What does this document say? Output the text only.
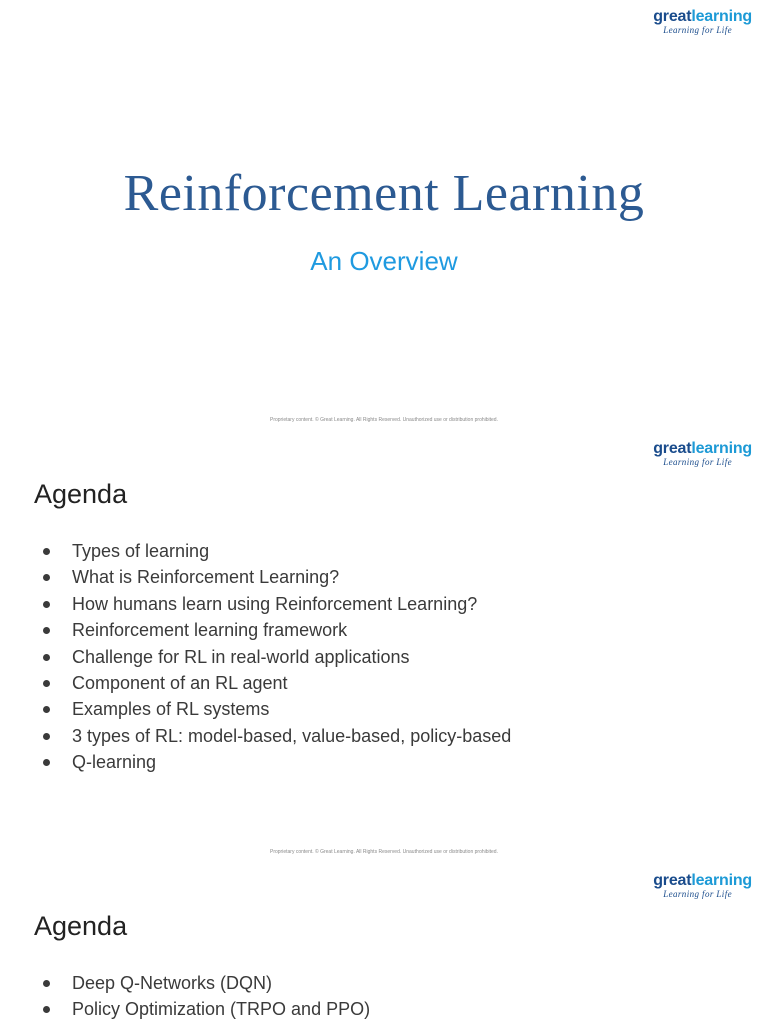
greatlearning
Learning for Life
Reinforcement Learning
An Overview
Proprietary content. © Great Learning. All Rights Reserved. Unauthorized use or distribution prohibited.
greatlearning
Learning for Life
Agenda
Types of learning
What is Reinforcement Learning?
How humans learn using Reinforcement Learning?
Reinforcement learning framework
Challenge for RL in real-world applications
Component of an RL agent
Examples of RL systems
3 types of RL: model-based, value-based, policy-based
Q-learning
Proprietary content. © Great Learning. All Rights Reserved. Unauthorized use or distribution prohibited.
greatlearning
Learning for Life
Agenda
Deep Q-Networks (DQN)
Policy Optimization (TRPO and PPO)
